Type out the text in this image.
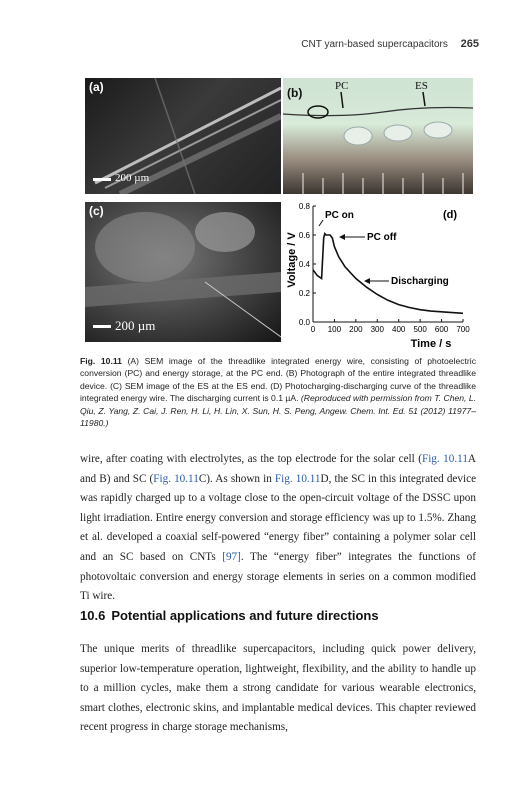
CNT yarn-based supercapacitors 265
(a)
200 µm
(b)	PC	ES
(c)
200 µm	0 100 200 300 400 500 600 700
0.0
0.2
0.4
0.6
0.8
Voltage / V
Time / s
(d)
PC on
PC off
Discharging
Fig. 10.11 (A) SEM image of the threadlike integrated energy wire, consisting of photoelectric conversion (PC) and energy storage, at the PC end. (B) Photograph of the entire integrated threadlike device. (C) SEM image of the ES at the ES end. (D) Photocharging-discharging curve of the threadlike integrated energy wire. The discharging current is 0.1 µA. (Reproduced with permission from T. Chen, L. Qiu, Z. Yang, Z. Cai, J. Ren, H. Li, H. Lin, X. Sun, H. S. Peng, Angew. Chem. Int. Ed. 51 (2012) 11977–11980.)

wire, after coating with electrolytes, as the top electrode for the solar cell (Fig. 10.11A and B) and SC (Fig. 10.11C). As shown in Fig. 10.11D, the SC in this integrated device was rapidly charged up to a voltage close to the open-circuit voltage of the DSSC upon light irradiation. Entire energy conversion and storage efficiency was up to 1.5%. Zhang et al. developed a coaxial self-powered “energy fiber” containing a polymer solar cell and an SC based on CNTs [97]. The “energy fiber” integrates the functions of photovoltaic conversion and energy storage elements in series on a common modified Ti wire.

10.6 Potential applications and future directions

The unique merits of threadlike supercapacitors, including quick power delivery, superior low-temperature operation, lightweight, flexibility, and the ability to handle up to a million cycles, make them a strong candidate for various wearable electronics, smart clothes, electronic skins, and implantable medical devices. This chapter reviewed recent progress in charge storage mechanisms,
